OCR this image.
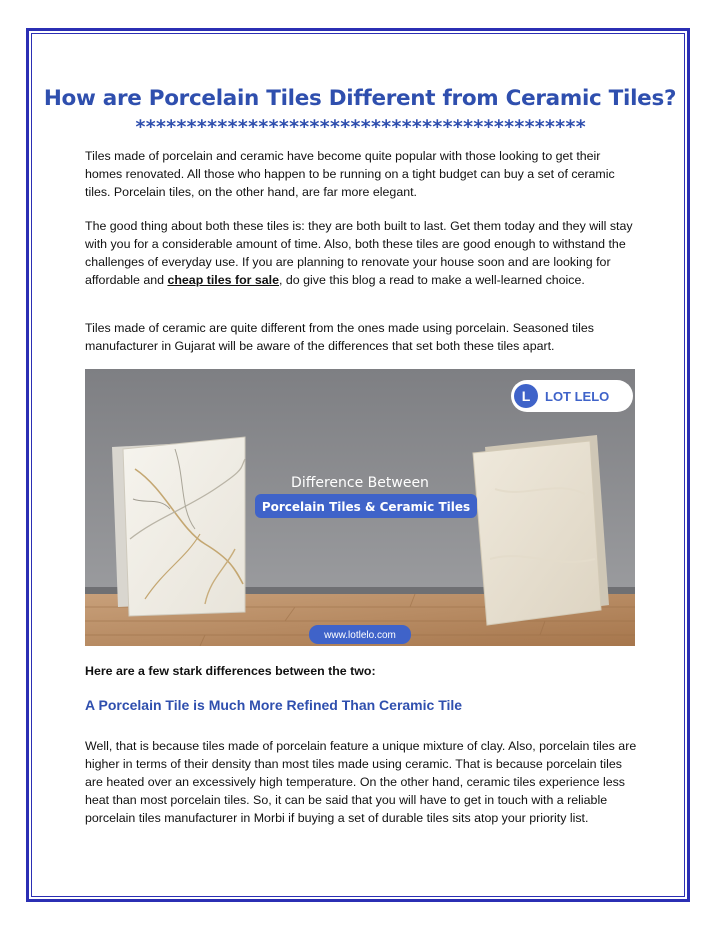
How are Porcelain Tiles Different from Ceramic Tiles?
********************************************

Tiles made of porcelain and ceramic have become quite popular with those looking to get their homes renovated. All those who happen to be running on a tight budget can buy a set of ceramic tiles. Porcelain tiles, on the other hand, are far more elegant.

The good thing about both these tiles is: they are both built to last. Get them today and they will stay with you for a considerable amount of time. Also, both these tiles are good enough to withstand the challenges of everyday use. If you are planning to renovate your house soon and are looking for affordable and cheap tiles for sale, do give this blog a read to make a well-learned choice.

Tiles made of ceramic are quite different from the ones made using porcelain. Seasoned tiles manufacturer in Gujarat will be aware of the differences that set both these tiles apart.

L LOT LELO
Difference Between
Porcelain Tiles & Ceramic Tiles
www.lotlelo.com

Here are a few stark differences between the two:

A Porcelain Tile is Much More Refined Than Ceramic Tile

Well, that is because tiles made of porcelain feature a unique mixture of clay. Also, porcelain tiles are higher in terms of their density than most tiles made using ceramic. That is because porcelain tiles are heated over an excessively high temperature. On the other hand, ceramic tiles experience less heat than most porcelain tiles. So, it can be said that you will have to get in touch with a reliable porcelain tiles manufacturer in Morbi if buying a set of durable tiles sits atop your priority list.
